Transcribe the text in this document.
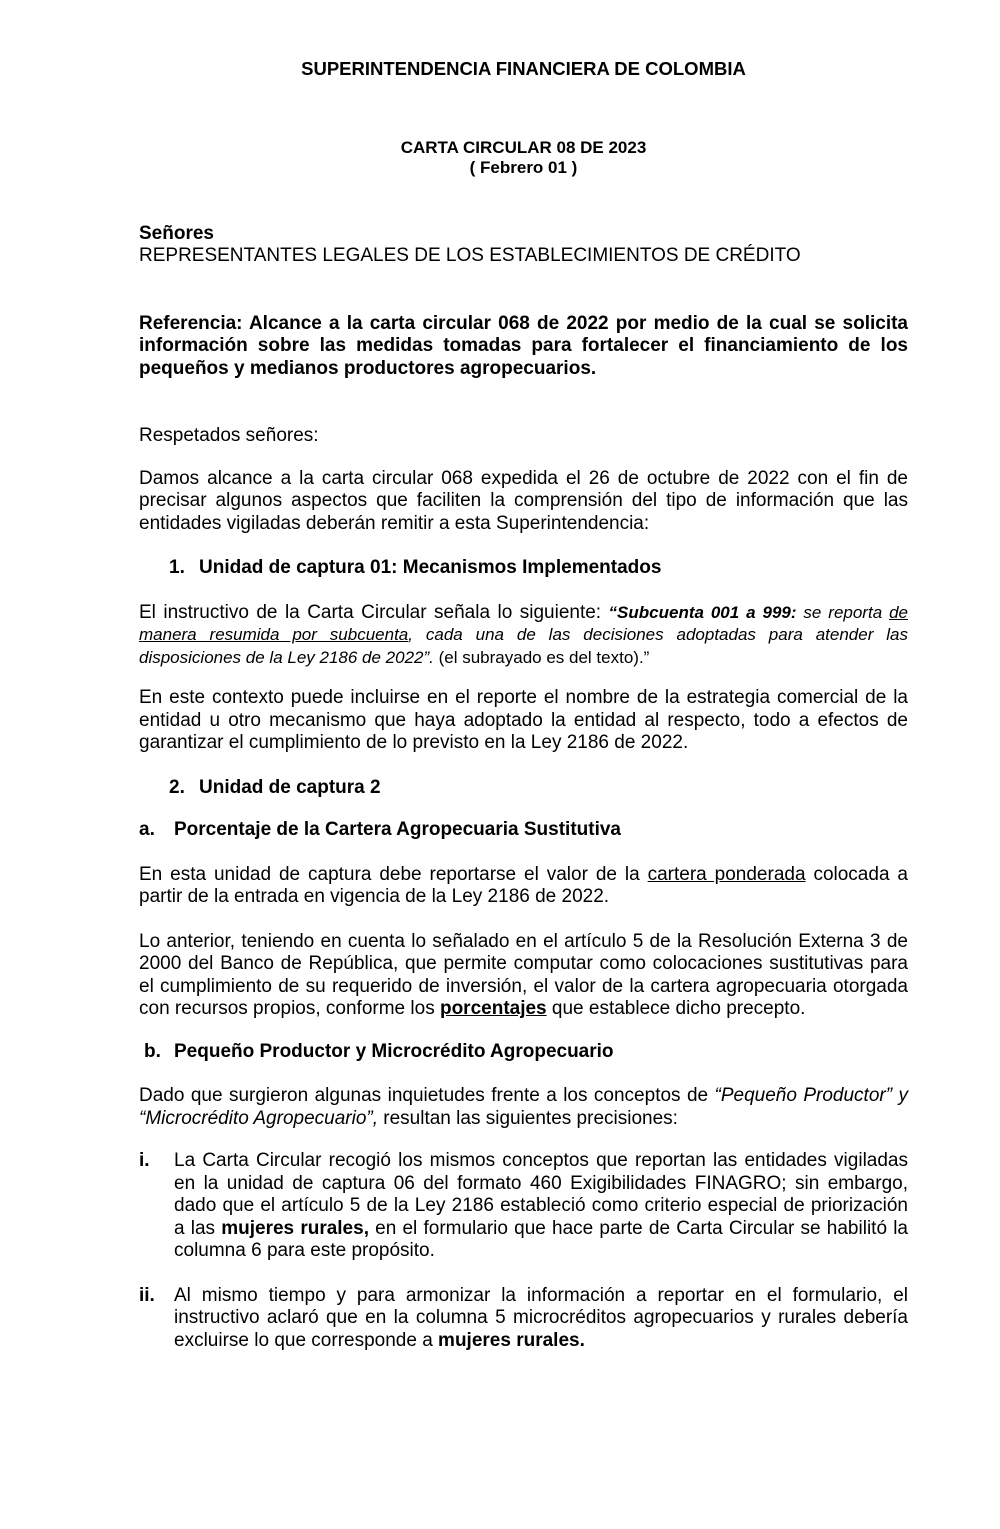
SUPERINTENDENCIA FINANCIERA DE COLOMBIA
CARTA CIRCULAR 08 DE 2023
( Febrero 01 )
Señores
REPRESENTANTES LEGALES DE LOS ESTABLECIMIENTOS DE CRÉDITO

Referencia: Alcance a la carta circular 068 de 2022 por medio de la cual se solicita información sobre las medidas tomadas para fortalecer el financiamiento de los pequeños y medianos productores agropecuarios.

Respetados señores:

Damos alcance a la carta circular 068 expedida el 26 de octubre de 2022 con el fin de precisar algunos aspectos que faciliten la comprensión del tipo de información que las entidades vigiladas deberán remitir a esta Superintendencia:

1. Unidad de captura 01: Mecanismos Implementados

El instructivo de la Carta Circular señala lo siguiente: “Subcuenta 001 a 999: se reporta de manera resumida por subcuenta, cada una de las decisiones adoptadas para atender las disposiciones de la Ley 2186 de 2022”. (el subrayado es del texto).”

En este contexto puede incluirse en el reporte el nombre de la estrategia comercial de la entidad u otro mecanismo que haya adoptado la entidad al respecto, todo a efectos de garantizar el cumplimiento de lo previsto en la Ley 2186 de 2022.

2. Unidad de captura 2
a.	Porcentaje de la Cartera Agropecuaria Sustitutiva

En esta unidad de captura debe reportarse el valor de la cartera ponderada colocada a partir de la entrada en vigencia de la Ley 2186 de 2022.

Lo anterior, teniendo en cuenta lo señalado en el artículo 5 de la Resolución Externa 3 de 2000 del Banco de República, que permite computar como colocaciones sustitutivas para el cumplimiento de su requerido de inversión, el valor de la cartera agropecuaria otorgada con recursos propios, conforme los porcentajes que establece dicho precepto.

b. Pequeño Productor y Microcrédito Agropecuario

Dado que surgieron algunas inquietudes frente a los conceptos de “Pequeño Productor” y “Microcrédito Agropecuario”, resultan las siguientes precisiones:

i.	La Carta Circular recogió los mismos conceptos que reportan las entidades vigiladas en la unidad de captura 06 del formato 460 Exigibilidades FINAGRO; sin embargo, dado que el artículo 5 de la Ley 2186 estableció como criterio especial de priorización a las mujeres rurales, en el formulario que hace parte de Carta Circular se habilitó la columna 6 para este propósito.
ii.	Al mismo tiempo y para armonizar la información a reportar en el formulario, el instructivo aclaró que en la columna 5 microcréditos agropecuarios y rurales debería excluirse lo que corresponde a mujeres rurales.
